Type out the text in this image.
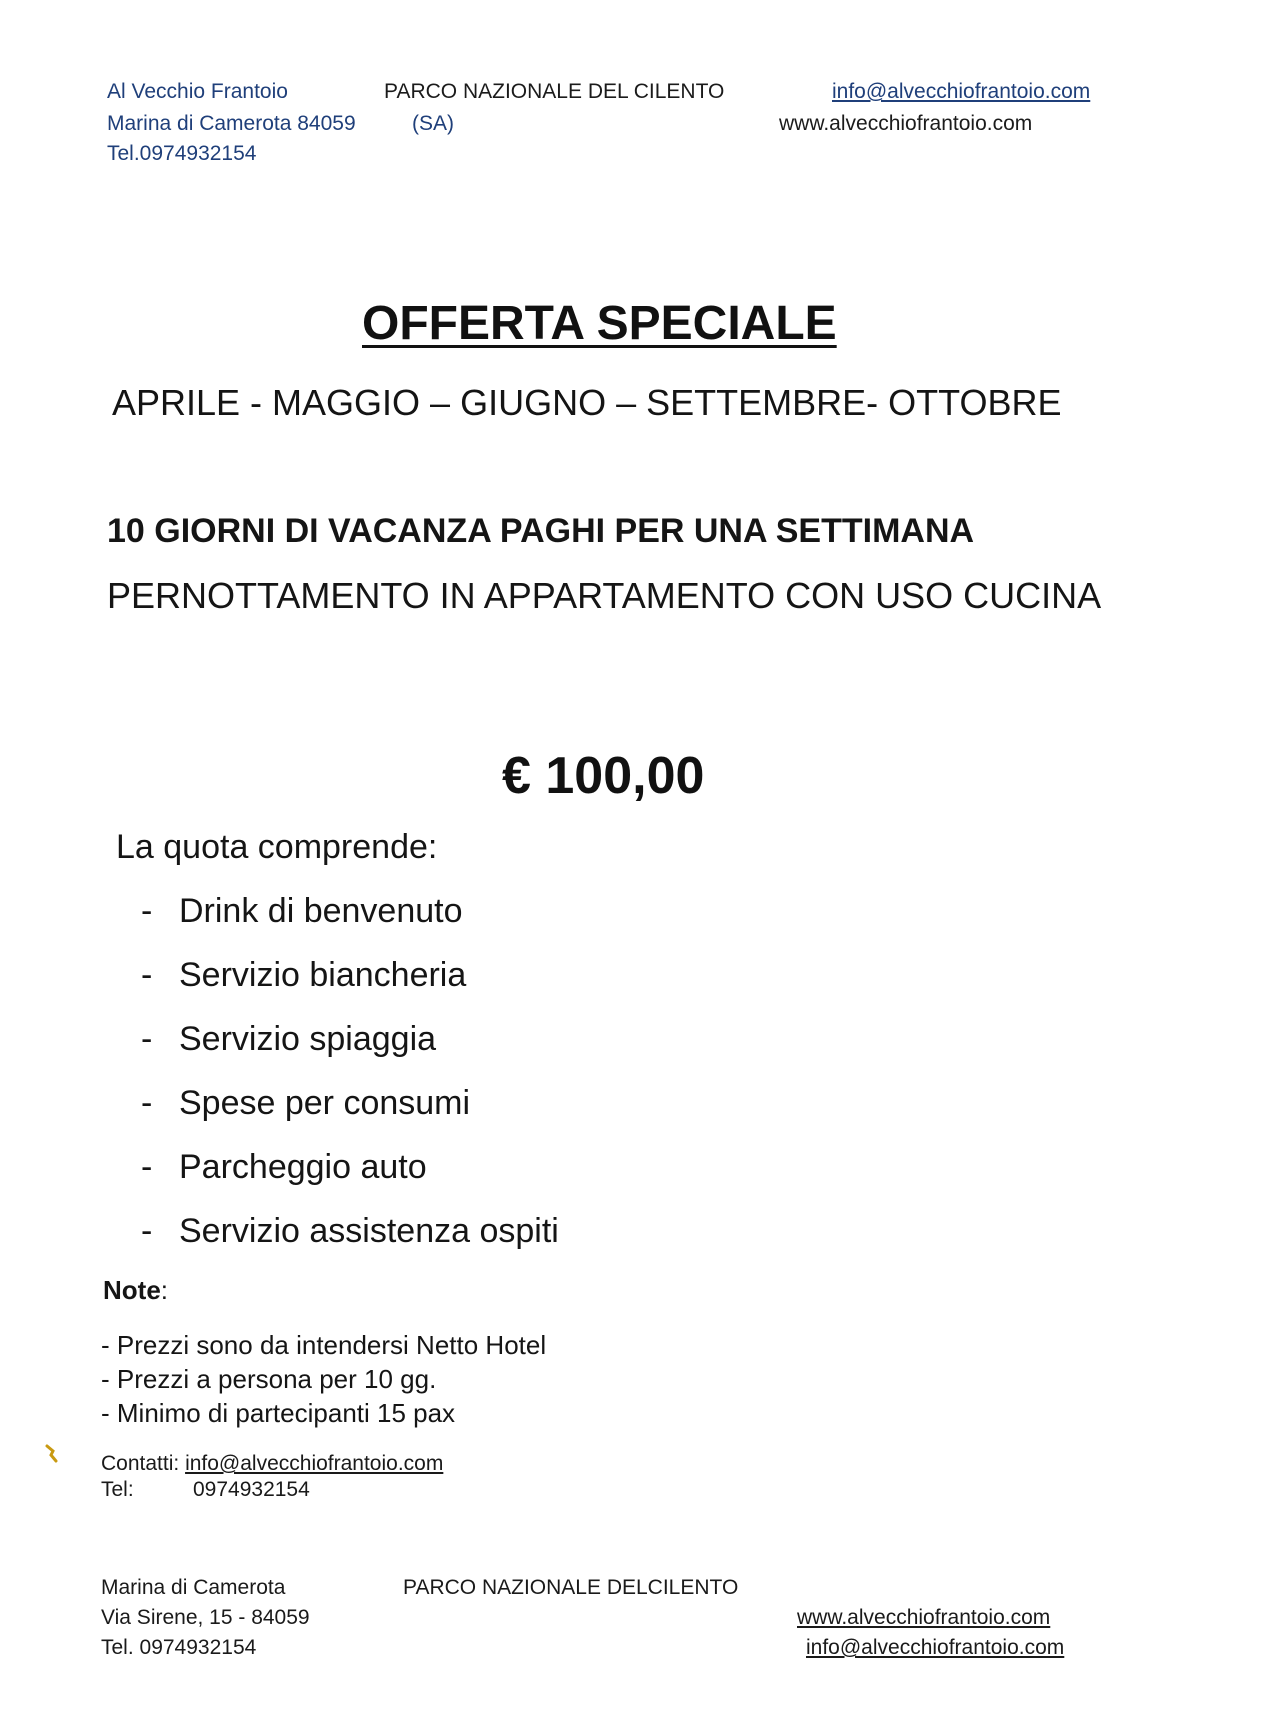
Al Vecchio Frantoio
Marina di Camerota 84059	(SA)
Tel.0974932154
PARCO NAZIONALE DEL CILENTO	info@alvecchiofrantoio.com
www.alvecchiofrantoio.com
OFFERTA SPECIALE
APRILE - MAGGIO – GIUGNO – SETTEMBRE- OTTOBRE
10 GIORNI DI VACANZA PAGHI PER UNA SETTIMANA
PERNOTTAMENTO IN APPARTAMENTO CON USO CUCINA
€ 100,00
La quota comprende:
- Drink di benvenuto
- Servizio biancheria
- Servizio spiaggia
- Spese per consumi
- Parcheggio auto
- Servizio assistenza ospiti
Note:
- Prezzi sono da intendersi Netto Hotel
- Prezzi a persona per 10 gg.
- Minimo di partecipanti 15 pax
Contatti: info@alvecchiofrantoio.com
Tel:	0974932154
Marina di Camerota
Via Sirene, 15 - 84059
Tel. 0974932154
PARCO NAZIONALE DELCILENTO
www.alvecchiofrantoio.com
info@alvecchiofrantoio.com
